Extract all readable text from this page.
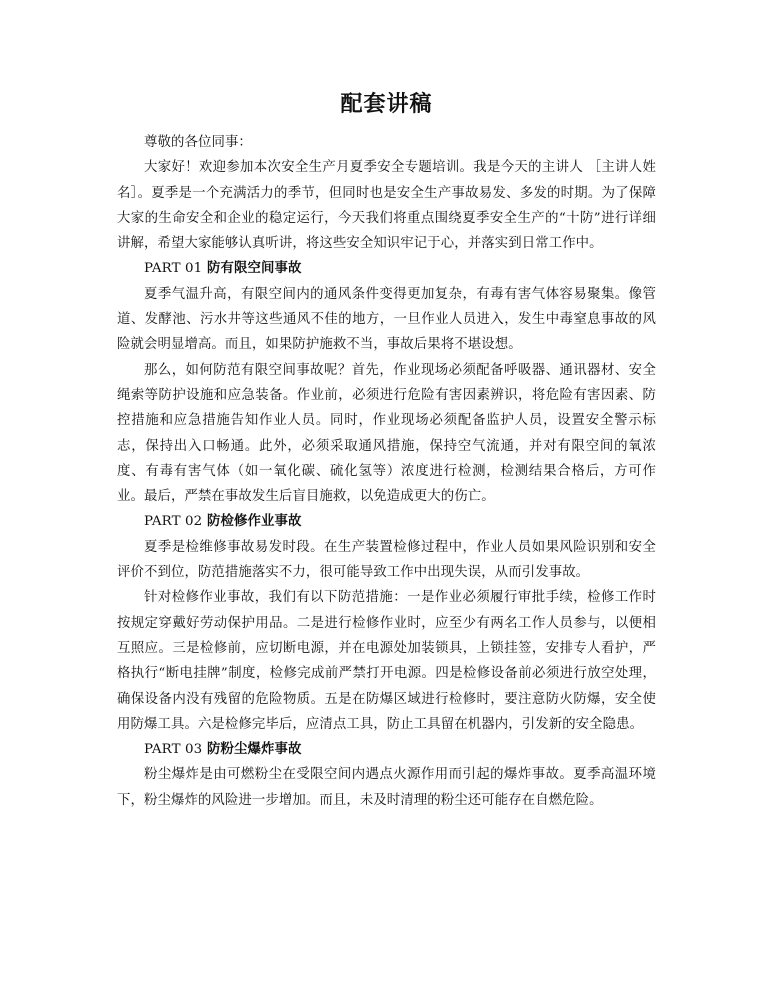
配套讲稿

尊敬的各位同事：

大家好！欢迎参加本次安全生产月夏季安全专题培训。我是今天的主讲人 ［主讲人姓名］。夏季是一个充满活力的季节，但同时也是安全生产事故易发、多发的时期。为了保障大家的生命安全和企业的稳定运行，今天我们将重点围绕夏季安全生产的“十防”进行详细讲解，希望大家能够认真听讲，将这些安全知识牢记于心，并落实到日常工作中。

PART 01 防有限空间事故

夏季气温升高，有限空间内的通风条件变得更加复杂，有毒有害气体容易聚集。像管道、发酵池、污水井等这些通风不佳的地方，一旦作业人员进入，发生中毒窒息事故的风险就会明显增高。而且，如果防护施救不当，事故后果将不堪设想。

那么，如何防范有限空间事故呢？首先，作业现场必须配备呼吸器、通讯器材、安全绳索等防护设施和应急装备。作业前，必须进行危险有害因素辨识，将危险有害因素、防控措施和应急措施告知作业人员。同时，作业现场必须配备监护人员，设置安全警示标志，保持出入口畅通。此外，必须采取通风措施，保持空气流通，并对有限空间的氧浓度、有毒有害气体（如一氧化碳、硫化氢等）浓度进行检测，检测结果合格后，方可作业。最后，严禁在事故发生后盲目施救，以免造成更大的伤亡。

PART 02 防检修作业事故

夏季是检维修事故易发时段。在生产装置检修过程中，作业人员如果风险识别和安全评价不到位，防范措施落实不力，很可能导致工作中出现失误，从而引发事故。

针对检修作业事故，我们有以下防范措施：一是作业必须履行审批手续，检修工作时按规定穿戴好劳动保护用品。二是进行检修作业时，应至少有两名工作人员参与，以便相互照应。三是检修前，应切断电源，并在电源处加装锁具，上锁挂签，安排专人看护，严格执行“断电挂牌”制度，检修完成前严禁打开电源。四是检修设备前必须进行放空处理，确保设备内没有残留的危险物质。五是在防爆区域进行检修时，要注意防火防爆，安全使用防爆工具。六是检修完毕后，应清点工具，防止工具留在机器内，引发新的安全隐患。

PART 03 防粉尘爆炸事故

粉尘爆炸是由可燃粉尘在受限空间内遇点火源作用而引起的爆炸事故。夏季高温环境下，粉尘爆炸的风险进一步增加。而且，未及时清理的粉尘还可能存在自燃危险。
